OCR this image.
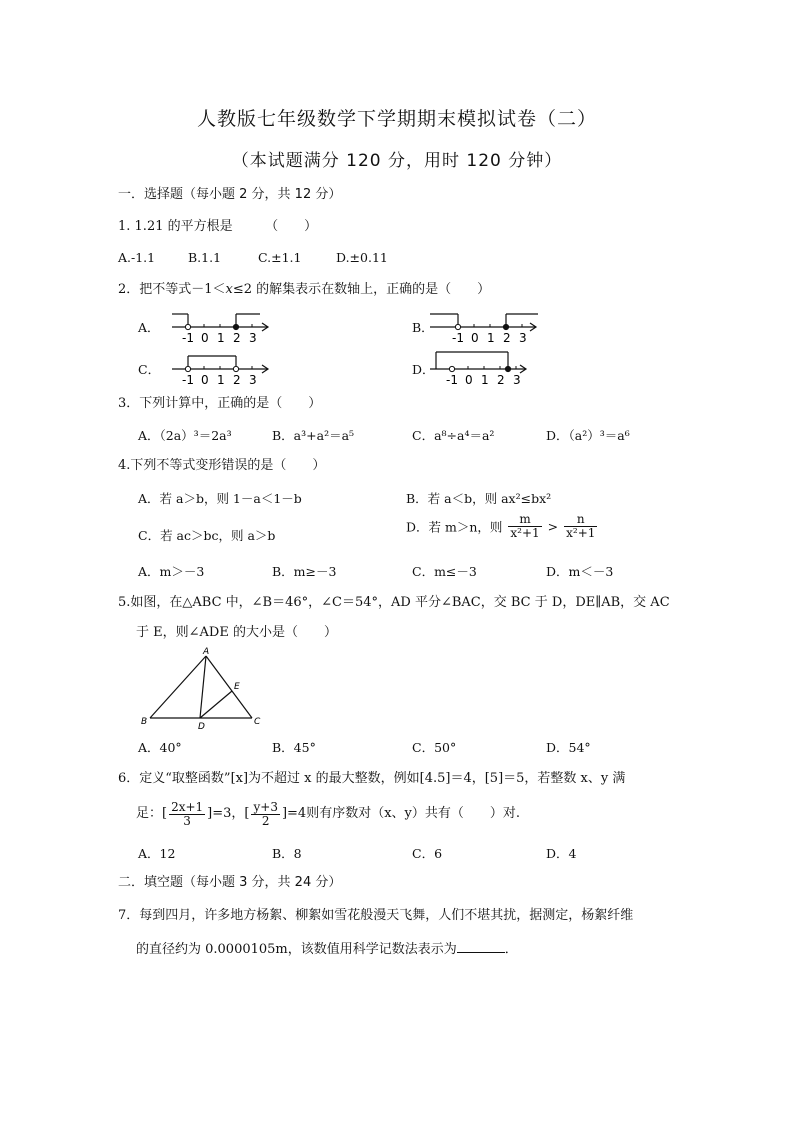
人教版七年级数学下学期期末模拟试卷（二）
（本试题满分 120 分，用时 120 分钟）
一．选择题（每小题 2 分，共 12 分）
1. 1.21 的平方根是　　　（　　）
A.-1.1	B.1.1	C.±1.1	D.±0.11
2．把不等式－1＜x≤2 的解集表示在数轴上，正确的是（　　）
A．
C．
B．
D．
-1 0 1 2 3	-1 0 1 2 3
-1 0 1 2 3	-1 0 1 2 3
3．下列计算中，正确的是（　　）
A．（2a）³＝2a³	B．a³+a²＝a⁵	C．a⁸÷a⁴＝a²	D．（a²）³＝a⁶
4.下列不等式变形错误的是（　　）
A．若 a＞b，则 1－a＜1－b	B．若 a＜b，则 ax²≤bx²
C．若 ac＞bc，则 a＞b
D．若 m＞n，则 $\frac{m}{\text{x²+1}} > \frac{n}{\text{x²+1}}$
A．m＞－3	B．m≥－3	C．m≤－3	D．m＜－3
5.如图，在△ABC 中，∠B＝46°，∠C＝54°，AD 平分∠BAC，交 BC 于 D，DE∥AB，交 AC
于 E，则∠ADE 的大小是（　　）
A
B	C
D
E
A．40°	B．45°	C．50°	D．54°
6．定义“取整函数”[x]为不超过 x 的最大整数，例如[4.5]＝4，[5]＝5，若整数 x、y 满
足：[ $\frac{2x+1}{3} ]=3$，[ $\frac{y+3}{2} ]=4$则有序数对（x、y）共有（　　）对.
A．12	B．8	C．6	D．4
二．填空题（每小题 3 分，共 24 分）
7．每到四月，许多地方杨絮、柳絮如雪花般漫天飞舞，人们不堪其扰，据测定，杨絮纤维
的直径约为 0.0000105m，该数值用科学记数法表示为	．
